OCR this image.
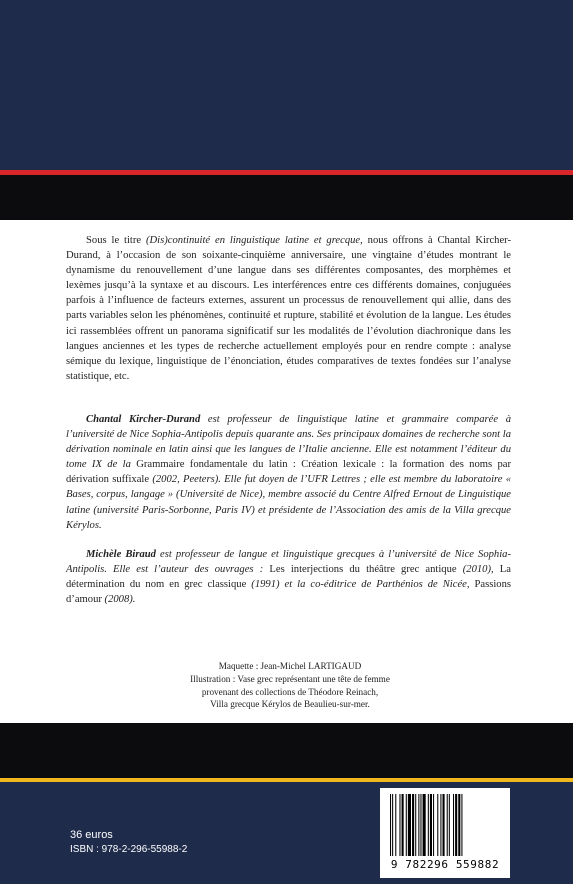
Sous le titre (Dis)continuité en linguistique latine et grecque, nous offrons à Chantal Kircher-Durand, à l’occasion de son soixante-cinquième anniversaire, une vingtaine d’études montrant le dynamisme du renouvellement d’une langue dans ses différentes composantes, des morphèmes et lexèmes jusqu’à la syntaxe et au discours. Les interférences entre ces différents domaines, conjuguées parfois à l’influence de facteurs externes, assurent un processus de renouvellement qui allie, dans des parts variables selon les phénomènes, continuité et rupture, stabilité et évolution de la langue. Les études ici rassemblées offrent un panorama significatif sur les modalités de l’évolution diachronique dans les langues anciennes et les types de recherche actuellement employés pour en rendre compte : analyse sémique du lexique, linguistique de l’énonciation, études comparatives de textes fondées sur l’analyse statistique, etc.

Chantal Kircher-Durand est professeur de linguistique latine et grammaire comparée à l’université de Nice Sophia-Antipolis depuis quarante ans. Ses principaux domaines de recherche sont la dérivation nominale en latin ainsi que les langues de l’Italie ancienne. Elle est notamment l’éditeur du tome IX de la Grammaire fondamentale du latin : Création lexicale : la formation des noms par dérivation suffixale (2002, Peeters). Elle fut doyen de l’UFR Lettres ; elle est membre du laboratoire « Bases, corpus, langage » (Université de Nice), membre associé du Centre Alfred Ernout de Linguistique latine (université Paris-Sorbonne, Paris IV) et présidente de l’Association des amis de la Villa grecque Kérylos.

Michèle Biraud est professeur de langue et linguistique grecques à l’université de Nice Sophia-Antipolis. Elle est l’auteur des ouvrages : Les interjections du théâtre grec antique (2010), La détermination du nom en grec classique (1991) et la co-éditrice de Parthénios de Nicée, Passions d’amour (2008).

Maquette : Jean-Michel LARTIGAUD
Illustration : Vase grec représentant une tête de femme
provenant des collections de Théodore Reinach,
Villa grecque Kérylos de Beaulieu-sur-mer.
36 euros
ISBN : 978-2-296-55988-2
9 782296 559882
